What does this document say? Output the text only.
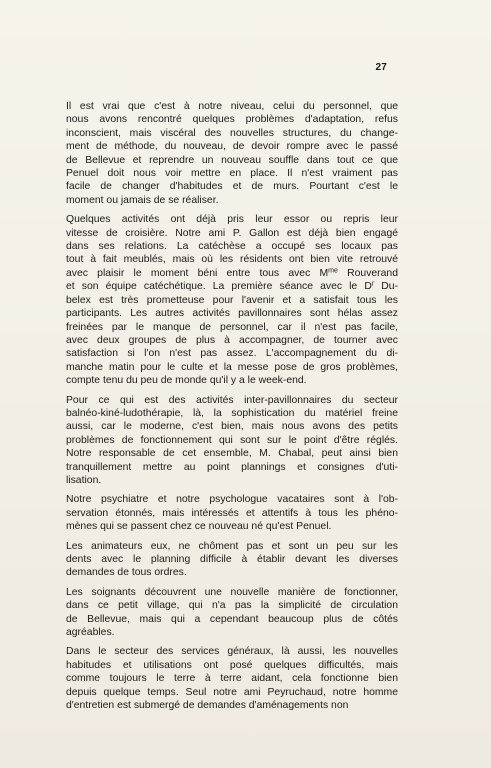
27
Il est vrai que c'est à notre niveau, celui du personnel, que
nous avons rencontré quelques problèmes d'adaptation, refus
inconscient, mais viscéral des nouvelles structures, du change-
ment de méthode, du nouveau, de devoir rompre avec le passé
de Bellevue et reprendre un nouveau souffle dans tout ce que
Penuel doit nous voir mettre en place. Il n'est vraiment pas
facile de changer d'habitudes et de murs. Pourtant c'est le
moment ou jamais de se réaliser.
Quelques activités ont déjà pris leur essor ou repris leur
vitesse de croisière. Notre ami P. Gallon est déjà bien engagé
dans ses relations. La catéchèse a occupé ses locaux pas
tout à fait meublés, mais où les résidents ont bien vite retrouvé
avec plaisir le moment béni entre tous avec $M^{me}$ Rouverand
et son équipe catéchétique. La première séance avec le $D^r$ Du-
belex est très prometteuse pour l'avenir et a satisfait tous les
participants. Les autres activités pavillonnaires sont hélas assez
freinées par le manque de personnel, car il n'est pas facile,
avec deux groupes de plus à accompagner, de tourner avec
satisfaction si l'on n'est pas assez. L'accompagnement du di-
manche matin pour le culte et la messe pose de gros problèmes,
compte tenu du peu de monde qu'il y a le week-end.
Pour ce qui est des activités inter-pavillonnaires du secteur
balnéo-kiné-ludothérapie, là, la sophistication du matériel freine
aussi, car le moderne, c'est bien, mais nous avons des petits
problèmes de fonctionnement qui sont sur le point d'être réglés.
Notre responsable de cet ensemble, M. Chabal, peut ainsi bien
tranquillement mettre au point plannings et consignes d'uti-
lisation.
Notre psychiatre et notre psychologue vacataires sont à l'ob-
servation étonnés, mais intéressés et attentifs à tous les phéno-
mènes qui se passent chez ce nouveau né qu'est Penuel.
Les animateurs eux, ne chôment pas et sont un peu sur les
dents avec le planning difficile à établir devant les diverses
demandes de tous ordres.
Les soignants découvrent une nouvelle manière de fonctionner,
dans ce petit village, qui n'a pas la simplicité de circulation
de Bellevue, mais qui a cependant beaucoup plus de côtés
agréables.
Dans le secteur des services généraux, là aussi, les nouvelles
habitudes et utilisations ont posé quelques difficultés, mais
comme toujours le terre à terre aidant, cela fonctionne bien
depuis quelque temps. Seul notre ami Peyruchaud, notre homme
d'entretien est submergé de demandes d'aménagements non
